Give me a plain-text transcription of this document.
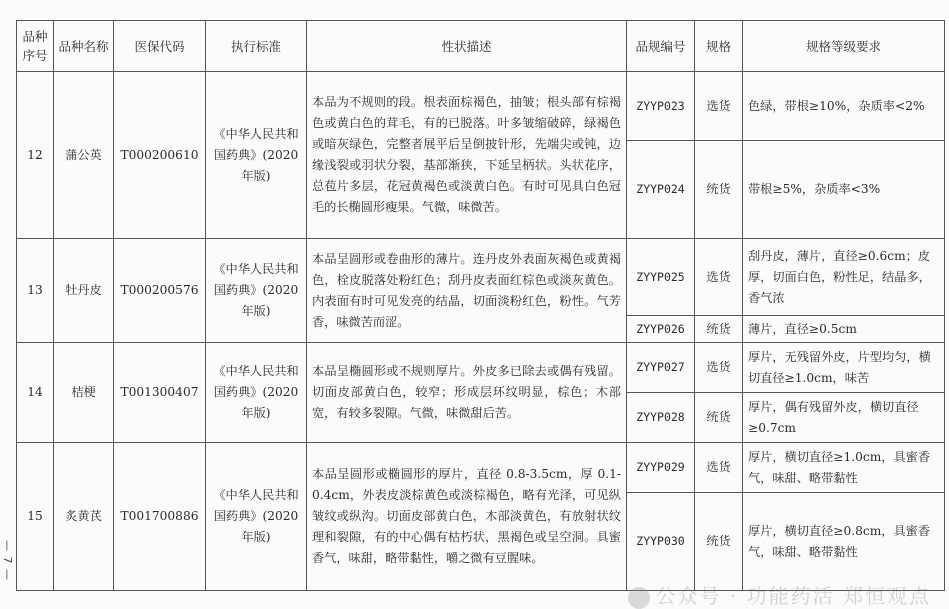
— 7 —
品种序号	品种名称	医保代码	执行标准	性状描述	品规编号	规格	规格等级要求
12	蒲公英	T000200610	《中华人民共和国药典》(2020 年版)	本品为不规则的段。根表面棕褐色，抽皱；根头部有棕褐色或黄白色的茸毛，有的已脱落。叶多皱缩破碎，绿褐色或暗灰绿色，完整者展平后呈倒披针形，先端尖或钝，边缘浅裂或羽状分裂，基部渐狭，下延呈柄状。头状花序，总苞片多层，花冠黄褐色或淡黄白色。有时可见具白色冠毛的长椭圆形瘦果。气微，味微苦。	ZYYP023	选货	色绿，带根≥10%，杂质率<2%
					ZYYP024	统货	带根≥5%，杂质率<3%
13	牡丹皮	T000200576	《中华人民共和国药典》(2020 年版)	本品呈圆形或卷曲形的薄片。连丹皮外表面灰褐色或黄褐色，栓皮脱落处粉红色；刮丹皮表面红棕色或淡灰黄色。内表面有时可见发亮的结晶，切面淡粉红色，粉性。气芳香，味微苦而涩。	ZYYP025	选货	刮丹皮，薄片，直径≥0.6cm；皮厚，切面白色，粉性足，结晶多，香气浓
					ZYYP026	统货	薄片，直径≥0.5cm
14	桔梗	T001300407	《中华人民共和国药典》(2020 年版)	本品呈椭圆形或不规则厚片。外皮多已除去或偶有残留。切面皮部黄白色，较窄；形成层环纹明显，棕色；木部宽，有较多裂隙。气微，味微甜后苦。	ZYYP027	选货	厚片，无残留外皮，片型均匀，横切直径≥1.0cm，味苦
					ZYYP028	统货	厚片，偶有残留外皮，横切直径≥0.7cm
15	炙黄芪	T001700886	《中华人民共和国药典》(2020 年版)	本品呈圆形或椭圆形的厚片，直径 0.8-3.5cm，厚 0.1-0.4cm，外表皮淡棕黄色或淡棕褐色，略有光泽，可见纵皱纹或纵沟。切面皮部黄白色，木部淡黄色，有放射状纹理和裂隙，有的中心偶有枯朽状，黑褐色或呈空洞。具蜜香气，味甜，略带黏性，嚼之微有豆腥味。	ZYYP029	选货	厚片，横切直径≥1.0cm，具蜜香气，味甜、略带黏性
					ZYYP030	统货	厚片，横切直径≥0.8cm，具蜜香气，味甜、略带黏性
公众号 · 功能药活 郑恒观点
